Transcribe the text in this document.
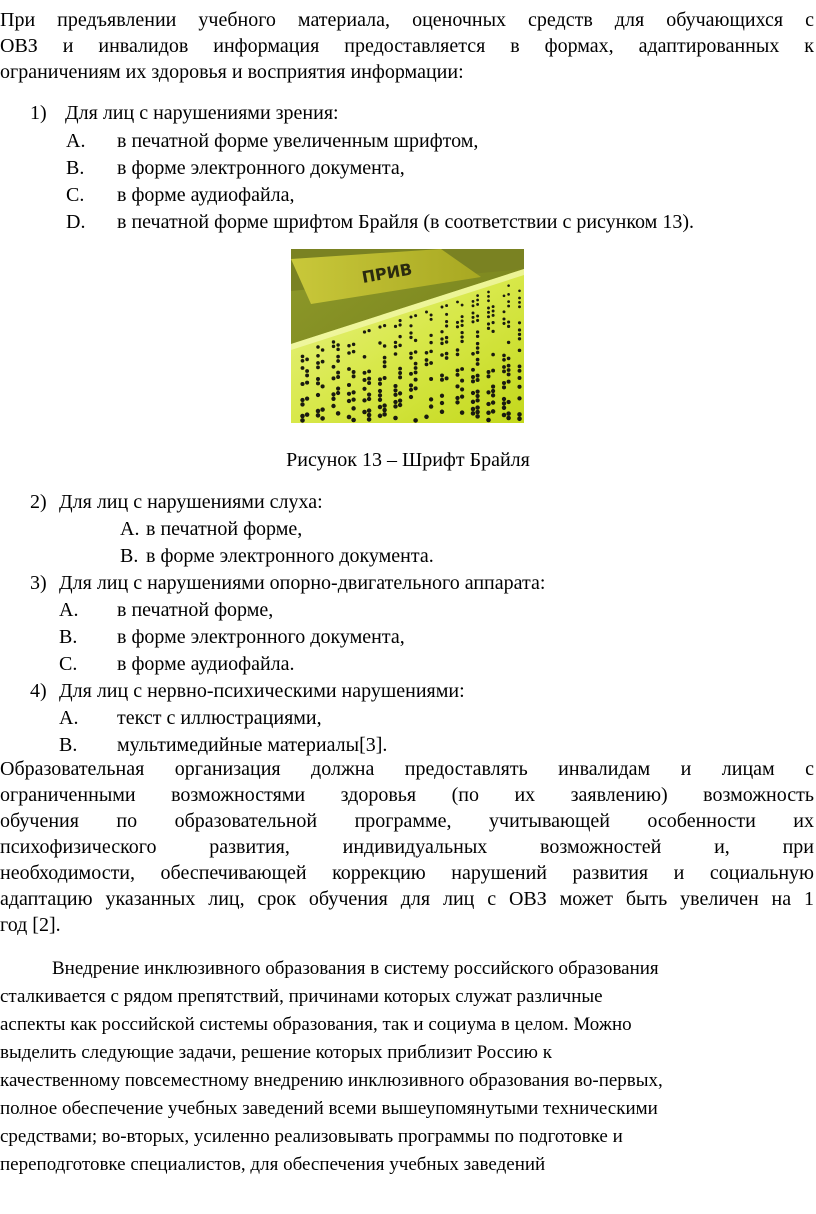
При предъявлении учебного материала, оценочных средств для обучающихся с
ОВЗ и инвалидов информация предоставляется в формах, адаптированных к
ограничениям их здоровья и восприятия информации:
1) Для лиц с нарушениями зрения:
A. в печатной форме увеличенным шрифтом,
B. в форме электронного документа,
C. в форме аудиофайла,
D. в печатной форме шрифтом Брайля (в соответствии с рисунком 13).
ПРИВ
Рисунок 13 – Шрифт Брайля
2) Для лиц с нарушениями слуха:
A. в печатной форме,
B. в форме электронного документа.
3) Для лиц с нарушениями опорно-двигательного аппарата:
A. в печатной форме,
B. в форме электронного документа,
C. в форме аудиофайла.
4) Для лиц с нервно-психическими нарушениями:
A. текст с иллюстрациями,
B. мультимедийные материалы[3].
Образовательная организация должна предоставлять инвалидам и лицам с
ограниченными возможностями здоровья (по их заявлению) возможность
обучения по образовательной программе, учитывающей особенности их
психофизического развития, индивидуальных возможностей и, при
необходимости, обеспечивающей коррекцию нарушений развития и социальную
адаптацию указанных лиц, срок обучения для лиц с ОВЗ может быть увеличен на 1
год [2].
Внедрение инклюзивного образования в систему российского образования
сталкивается с рядом препятствий, причинами которых служат различные
аспекты как российской системы образования, так и социума в целом. Можно
выделить следующие задачи, решение которых приблизит Россию к
качественному повсеместному внедрению инклюзивного образования во-первых,
полное обеспечение учебных заведений всеми вышеупомянутыми техническими
средствами; во-вторых, усиленно реализовывать программы по подготовке и
переподготовке специалистов, для обеспечения учебных заведений
